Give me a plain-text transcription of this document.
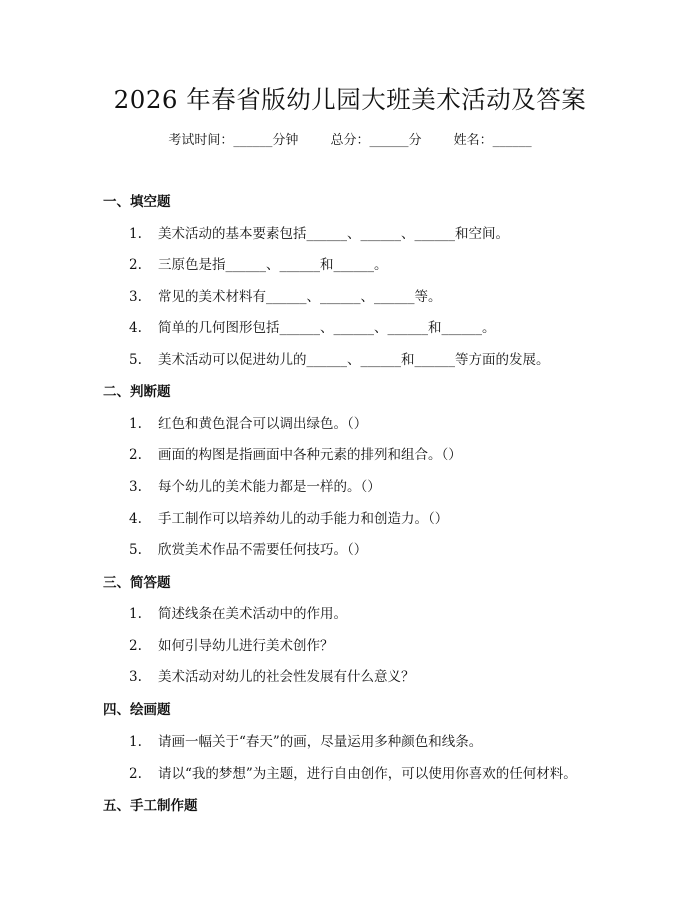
2026 年春省版幼儿园大班美术活动及答案
考试时间：______分钟 总分：______分 姓名：______
一、填空题
1. 美术活动的基本要素包括______、______、______和空间。
2. 三原色是指______、______和______。
3. 常见的美术材料有______、______、______等。
4. 简单的几何图形包括______、______、______和______。
5. 美术活动可以促进幼儿的______、______和______等方面的发展。
二、判断题
1. 红色和黄色混合可以调出绿色。（）
2. 画面的构图是指画面中各种元素的排列和组合。（）
3. 每个幼儿的美术能力都是一样的。（）
4. 手工制作可以培养幼儿的动手能力和创造力。（）
5. 欣赏美术作品不需要任何技巧。（）
三、简答题
1. 简述线条在美术活动中的作用。
2. 如何引导幼儿进行美术创作？
3. 美术活动对幼儿的社会性发展有什么意义？
四、绘画题
1. 请画一幅关于“春天”的画，尽量运用多种颜色和线条。
2. 请以“我的梦想”为主题，进行自由创作，可以使用你喜欢的任何材料。
五、手工制作题
